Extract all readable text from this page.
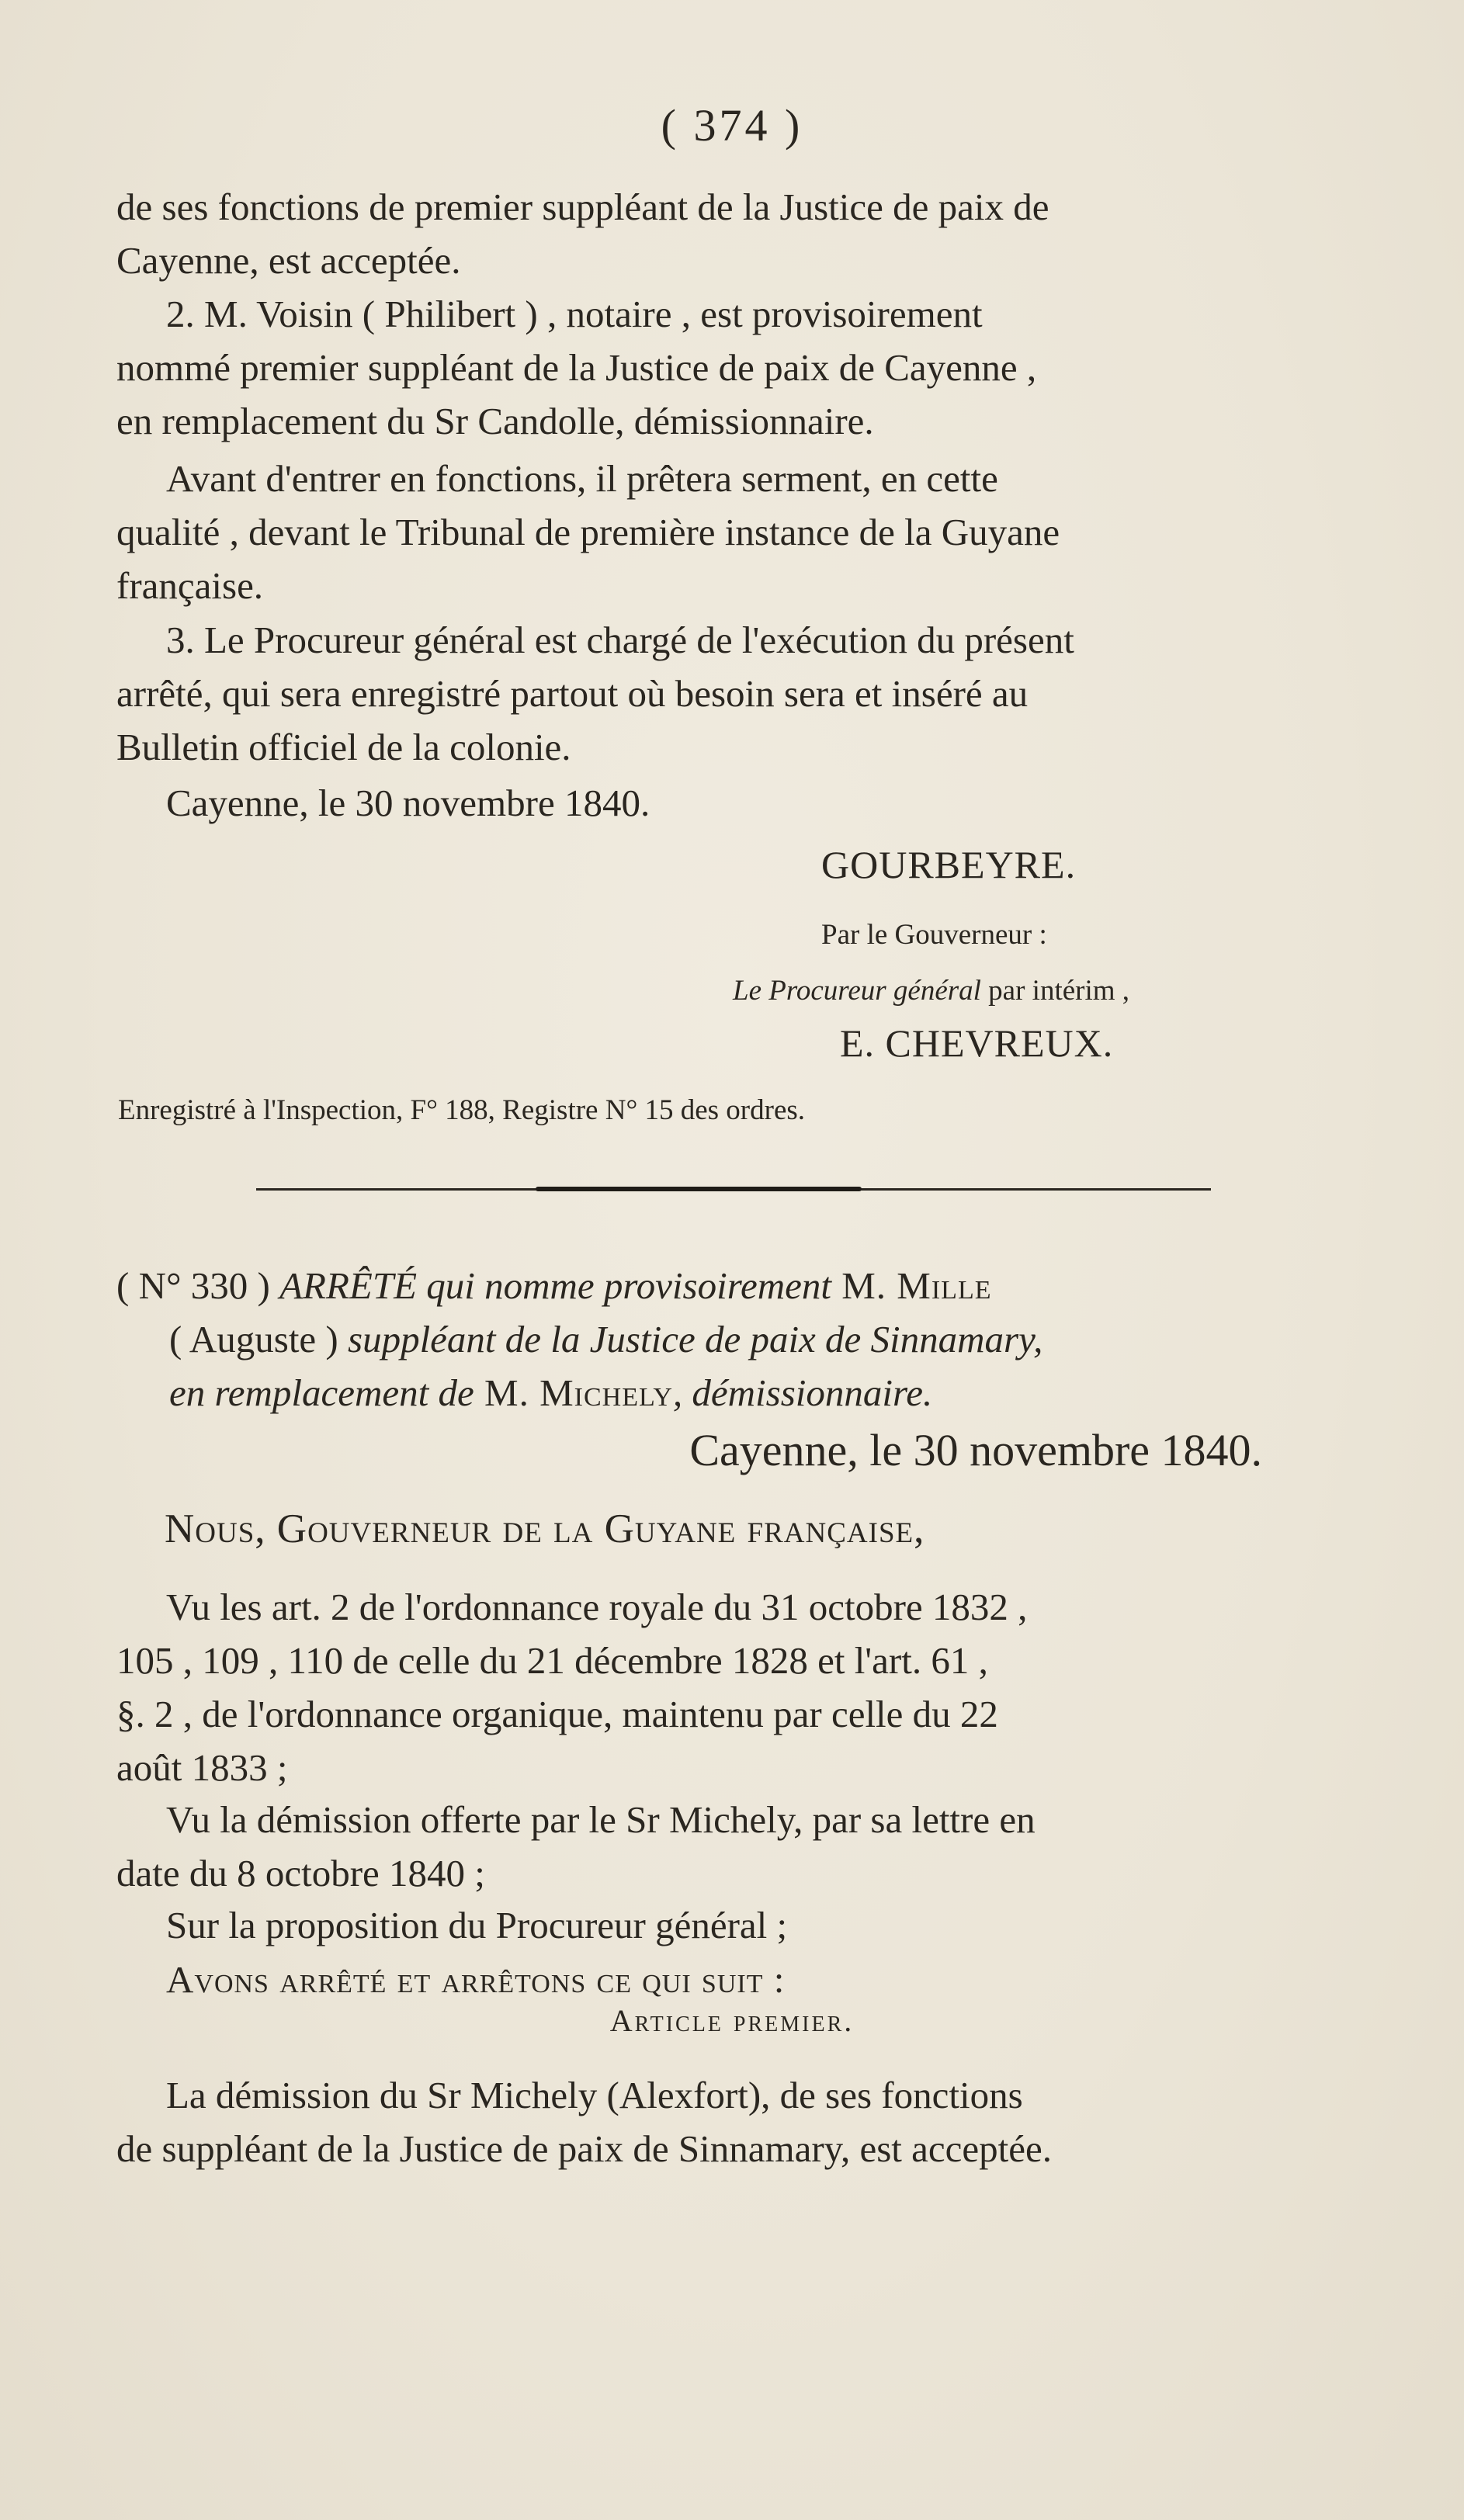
( 374 )

de ses fonctions de premier suppléant de la Justice de paix de

Cayenne, est acceptée.

2. M. Voisin ( Philibert ) , notaire , est provisoirement

nommé premier suppléant de la Justice de paix de Cayenne ,

en remplacement du Sr Candolle, démissionnaire.

Avant d'entrer en fonctions, il prêtera serment, en cette

qualité , devant le Tribunal de première instance de la Guyane

française.

3. Le Procureur général est chargé de l'exécution du présent

arrêté, qui sera enregistré partout où besoin sera et inséré au

Bulletin officiel de la colonie.

Cayenne, le 30 novembre 1840.

GOURBEYRE.
Par le Gouverneur :
Le Procureur général par intérim ,
E. CHEVREUX.
Enregistré à l'Inspection, F° 188, Registre N° 15 des ordres.
( N° 330 ) ARRÊTÉ qui nomme provisoirement M. Mille
( Auguste ) suppléant de la Justice de paix de Sinnamary,
en remplacement de M. Michely, démissionnaire.
Cayenne, le 30 novembre 1840.
Nous, Gouverneur de la Guyane française,

Vu les art. 2 de l'ordonnance royale du 31 octobre 1832 ,

105 , 109 , 110 de celle du 21 décembre 1828 et l'art. 61 ,

§. 2 , de l'ordonnance organique, maintenu par celle du 22

août 1833 ;

Vu la démission offerte par le Sr Michely, par sa lettre en

date du 8 octobre 1840 ;

Sur la proposition du Procureur général ;

Avons arrêté et arrêtons ce qui suit :

Article premier.

La démission du Sr Michely (Alexfort), de ses fonctions

de suppléant de la Justice de paix de Sinnamary, est acceptée.
